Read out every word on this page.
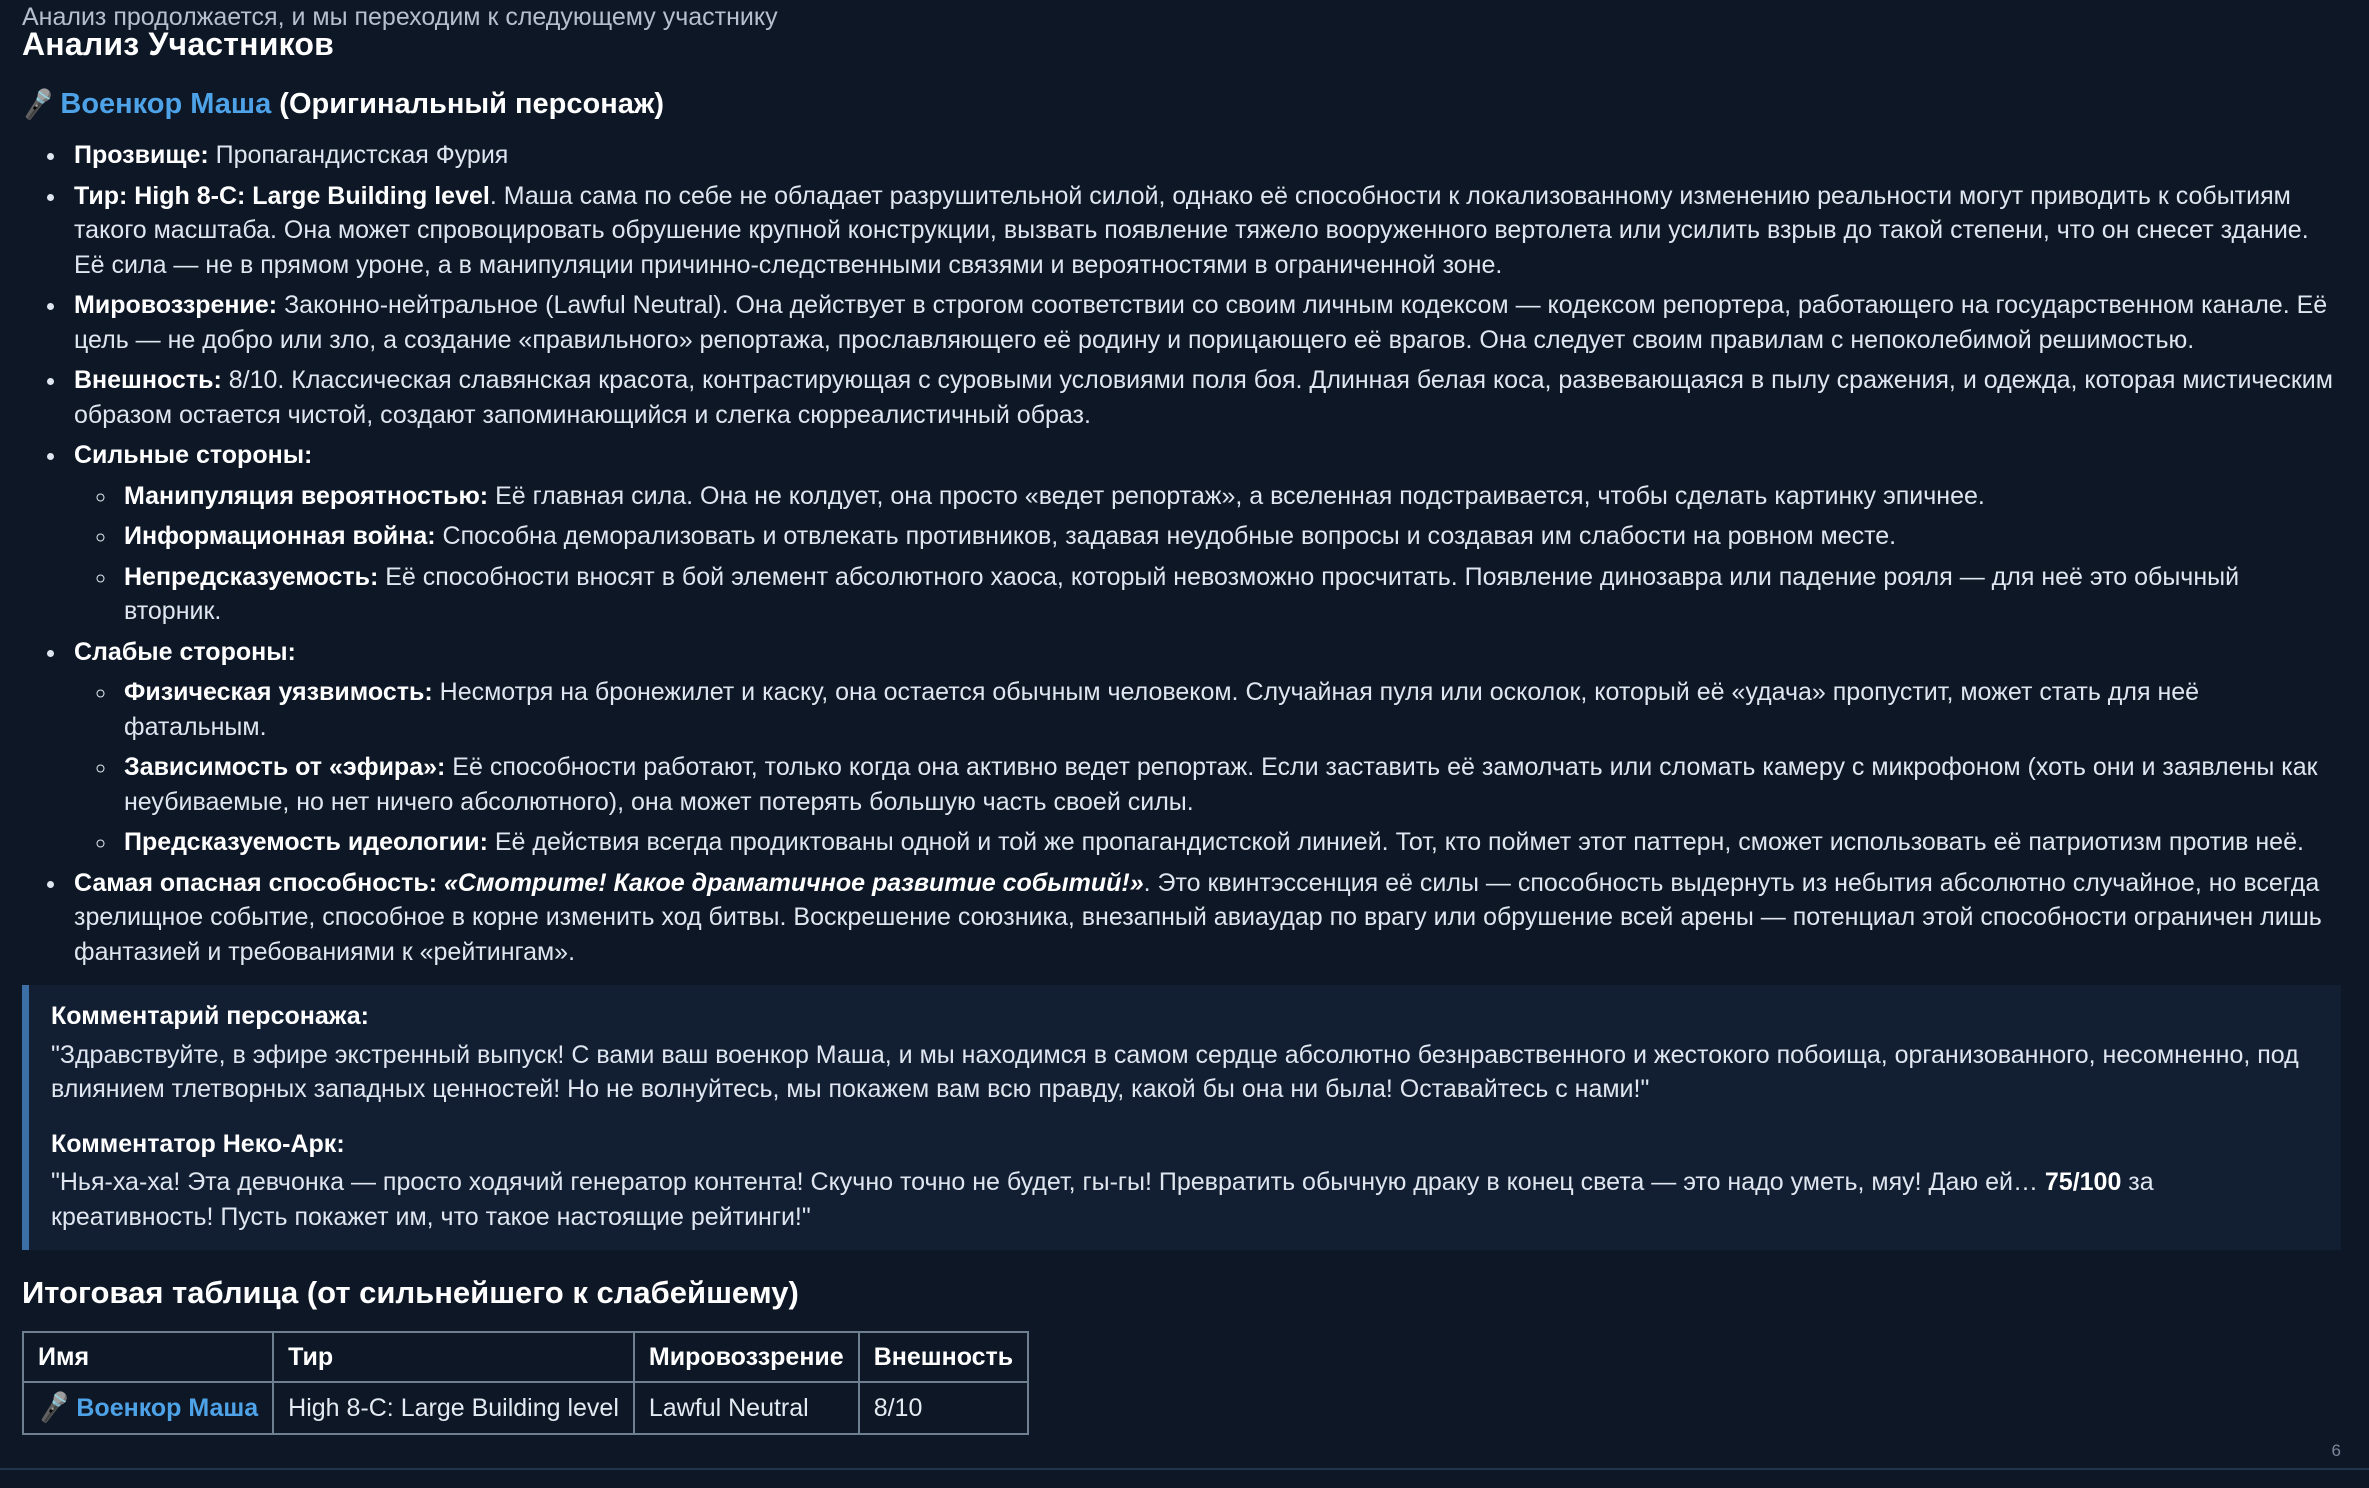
Анализ продолжается, и мы переходим к следующему участнику
Анализ Участников
🎤 Военкор Маша (Оригинальный персонаж)
• Прозвище: Пропагандистская Фурия
• Тир: High 8-C: Large Building level. Маша сама по себе не обладает разрушительной силой, однако её способности к локализованному изменению реальности могут приводить к событиям такого масштаба. Она может спровоцировать обрушение крупной конструкции, вызвать появление тяжело вооруженного вертолета или усилить взрыв до такой степени, что он снесет здание. Её сила — не в прямом уроне, а в манипуляции причинно-следственными связями и вероятностями в ограниченной зоне.
• Мировоззрение: Законно-нейтральное (Lawful Neutral). Она действует в строгом соответствии со своим личным кодексом — кодексом репортера, работающего на государственном канале. Её цель — не добро или зло, а создание «правильного» репортажа, прославляющего её родину и порицающего её врагов. Она следует своим правилам с непоколебимой решимостью.
• Внешность: 8/10. Классическая славянская красота, контрастирующая с суровыми условиями поля боя. Длинная белая коса, развевающаяся в пылу сражения, и одежда, которая мистическим образом остается чистой, создают запоминающийся и слегка сюрреалистичный образ.
• Сильные стороны:
◦ Манипуляция вероятностью: Её главная сила. Она не колдует, она просто «ведет репортаж», а вселенная подстраивается, чтобы сделать картинку эпичнее.
◦ Информационная война: Способна деморализовать и отвлекать противников, задавая неудобные вопросы и создавая им слабости на ровном месте.
◦ Непредсказуемость: Её способности вносят в бой элемент абсолютного хаоса, который невозможно просчитать. Появление динозавра или падение рояля — для неё это обычный вторник.
• Слабые стороны:
◦ Физическая уязвимость: Несмотря на бронежилет и каску, она остается обычным человеком. Случайная пуля или осколок, который её «удача» пропустит, может стать для неё фатальным.
◦ Зависимость от «эфира»: Её способности работают, только когда она активно ведет репортаж. Если заставить её замолчать или сломать камеру с микрофоном (хоть они и заявлены как неубиваемые, но нет ничего абсолютного), она может потерять большую часть своей силы.
◦ Предсказуемость идеологии: Её действия всегда продиктованы одной и той же пропагандистской линией. Тот, кто поймет этот паттерн, сможет использовать её патриотизм против неё.
• Самая опасная способность: «Смотрите! Какое драматичное развитие событий!». Это квинтэссенция её силы — способность выдернуть из небытия абсолютно случайное, но всегда зрелищное событие, способное в корне изменить ход битвы. Воскрешение союзника, внезапный авиаудар по врагу или обрушение всей арены — потенциал этой способности ограничен лишь фантазией и требованиями к «рейтингам».

Комментарий персонажа:

"Здравствуйте, в эфире экстренный выпуск! С вами ваш военкор Маша, и мы находимся в самом сердце абсолютно безнравственного и жестокого побоища, организованного, несомненно, под влиянием тлетворных западных ценностей! Но не волнуйтесь, мы покажем вам всю правду, какой бы она ни была! Оставайтесь с нами!"

Комментатор Неко-Арк:

"Нья-ха-ха! Эта девчонка — просто ходячий генератор контента! Скучно точно не будет, гы-гы! Превратить обычную драку в конец света — это надо уметь, мяу! Даю ей… 75/100 за креативность! Пусть покажет им, что такое настоящие рейтинги!"

Итоговая таблица (от сильнейшего к слабейшему)
Имя	Тир	Мировоззрение	Внешность
🎤 Военкор Маша	High 8-C: Large Building level	Lawful Neutral	8/10
6
